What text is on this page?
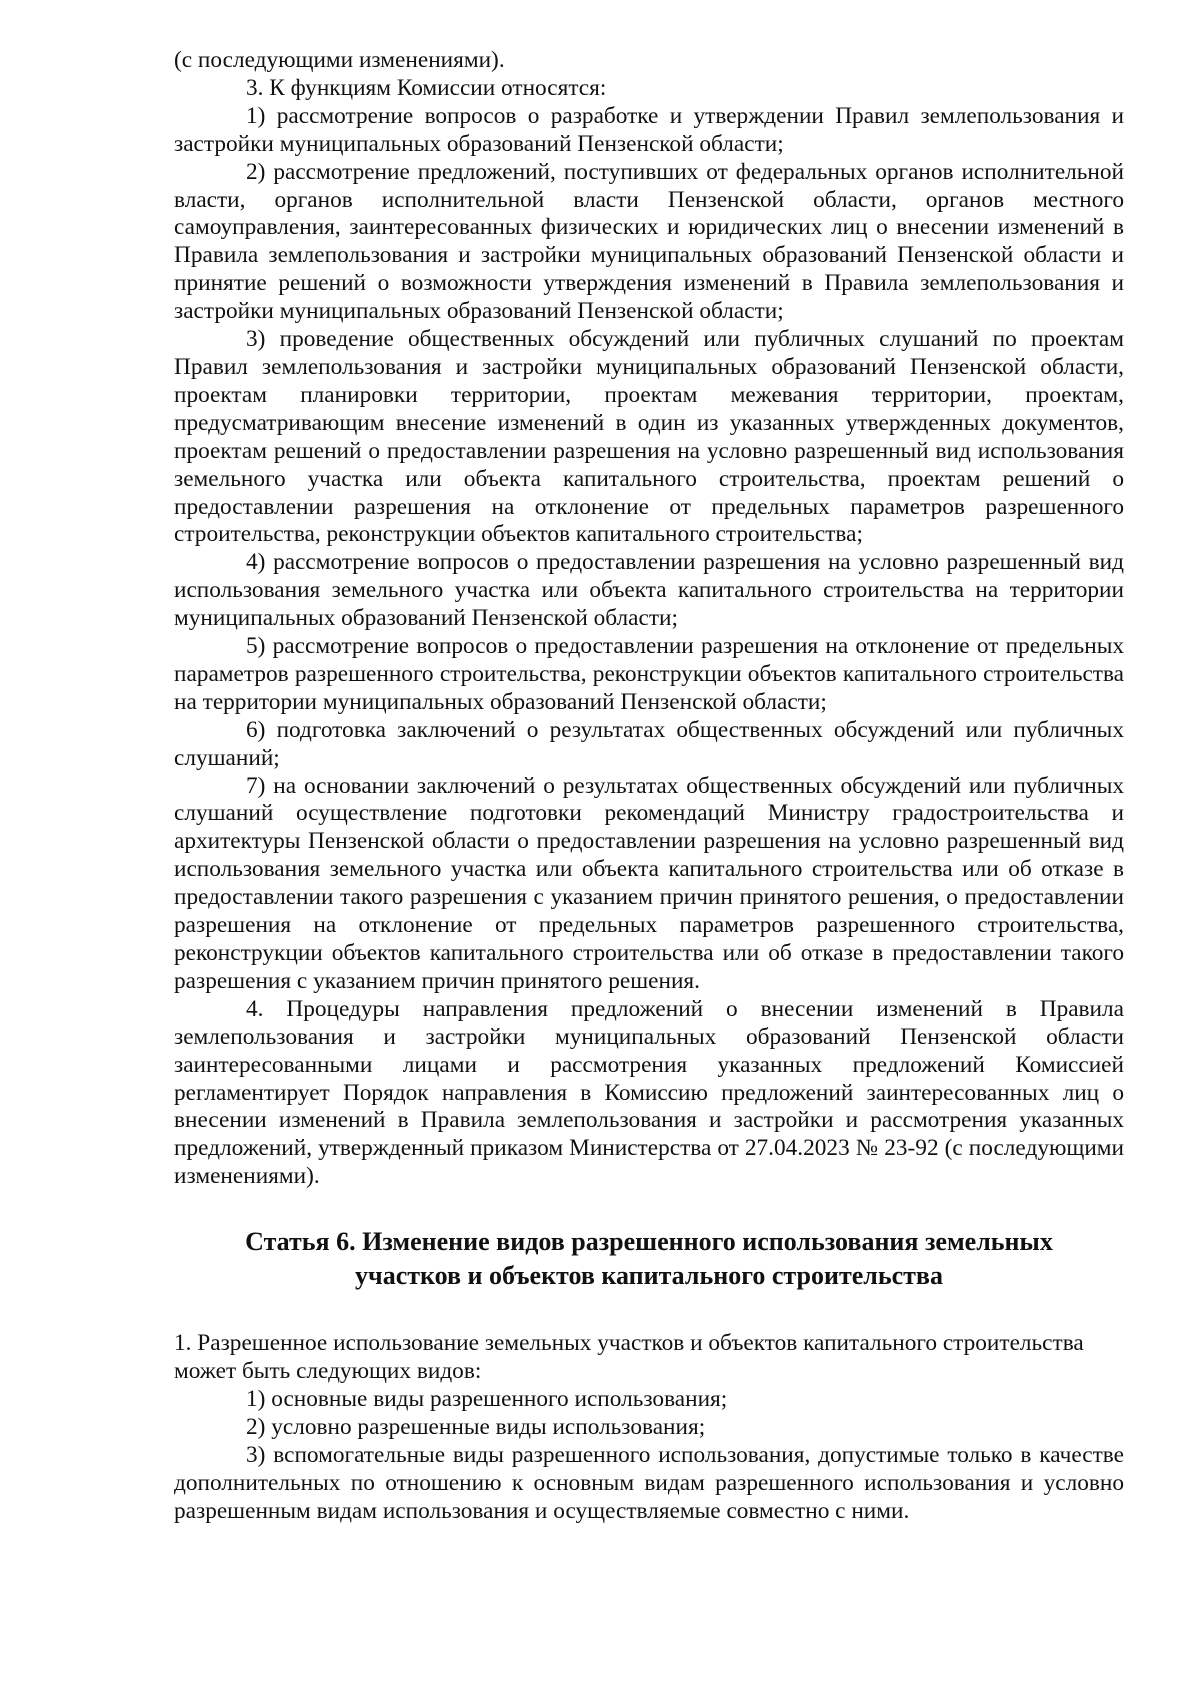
(с последующими изменениями).

3. К функциям Комиссии относятся:

1) рассмотрение вопросов о разработке и утверждении Правил землепользования и застройки муниципальных образований Пензенской области;

2) рассмотрение предложений, поступивших от федеральных органов исполнительной власти, органов исполнительной власти Пензенской области, органов местного самоуправления, заинтересованных физических и юридических лиц о внесении изменений в Правила землепользования и застройки муниципальных образований Пензенской области и принятие решений о возможности утверждения изменений в Правила землепользования и застройки муниципальных образований Пензенской области;

3) проведение общественных обсуждений или публичных слушаний по проектам Правил землепользования и застройки муниципальных образований Пензенской области, проектам планировки территории, проектам межевания территории, проектам, предусматривающим внесение изменений в один из указанных утвержденных документов, проектам решений о предоставлении разрешения на условно разрешенный вид использования земельного участка или объекта капитального строительства, проектам решений о предоставлении разрешения на отклонение от предельных параметров разрешенного строительства, реконструкции объектов капитального строительства;

4) рассмотрение вопросов о предоставлении разрешения на условно разрешенный вид использования земельного участка или объекта капитального строительства на территории муниципальных образований Пензенской области;

5) рассмотрение вопросов о предоставлении разрешения на отклонение от предельных параметров разрешенного строительства, реконструкции объектов капитального строительства на территории муниципальных образований Пензенской области;

6) подготовка заключений о результатах общественных обсуждений или публичных слушаний;

7) на основании заключений о результатах общественных обсуждений или публичных слушаний осуществление подготовки рекомендаций Министру градостроительства и архитектуры Пензенской области о предоставлении разрешения на условно разрешенный вид использования земельного участка или объекта капитального строительства или об отказе в предоставлении такого разрешения с указанием причин принятого решения, о предоставлении разрешения на отклонение от предельных параметров разрешенного строительства, реконструкции объектов капитального строительства или об отказе в предоставлении такого разрешения с указанием причин принятого решения.

4. Процедуры направления предложений о внесении изменений в Правила землепользования и застройки муниципальных образований Пензенской области заинтересованными лицами и рассмотрения указанных предложений Комиссией регламентирует Порядок направления в Комиссию предложений заинтересованных лиц о внесении изменений в Правила землепользования и застройки и рассмотрения указанных предложений, утвержденный приказом Министерства от 27.04.2023 № 23-92 (с последующими изменениями).

Статья 6. Изменение видов разрешенного использования земельных участков и объектов капитального строительства

1. Разрешенное использование земельных участков и объектов капитального строительства может быть следующих видов:

1) основные виды разрешенного использования;

2) условно разрешенные виды использования;

3) вспомогательные виды разрешенного использования, допустимые только в качестве дополнительных по отношению к основным видам разрешенного использования и условно разрешенным видам использования и осуществляемые совместно с ними.
